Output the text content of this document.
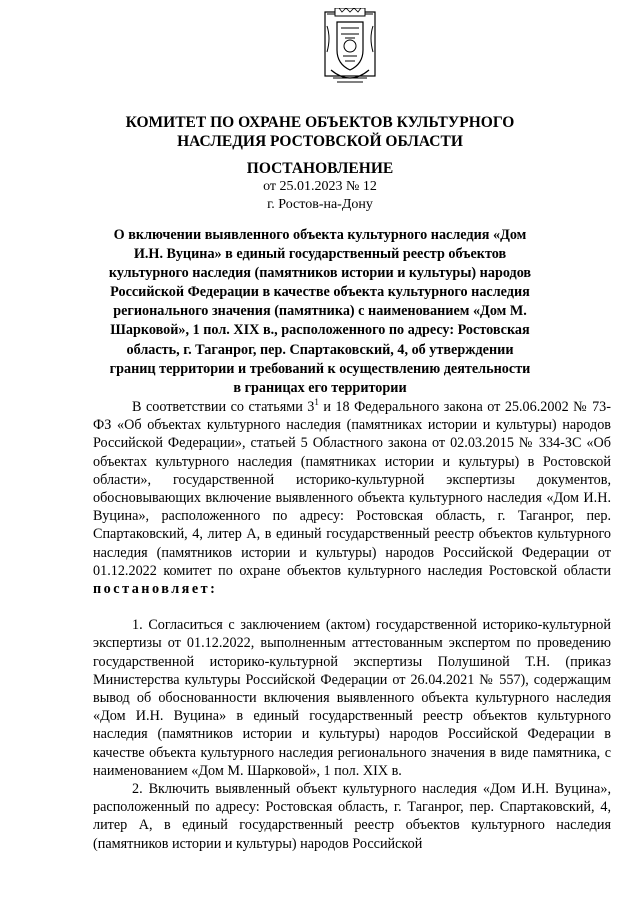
КОМИТЕТ ПО ОХРАНЕ ОБЪЕКТОВ КУЛЬТУРНОГО
НАСЛЕДИЯ РОСТОВСКОЙ ОБЛАСТИ
ПОСТАНОВЛЕНИЕ
от 25.01.2023 № 12
г. Ростов-на-Дону
О включении выявленного объекта культурного наследия «Дом И.Н. Вуцина» в единый государственный реестр объектов культурного наследия (памятников истории и культуры) народов Российской Федерации в качестве объекта культурного наследия регионального значения (памятника) с наименованием «Дом М. Шарковой», 1 пол. XIX в., расположенного по адресу: Ростовская область, г. Таганрог, пер. Спартаковский, 4, об утверждении границ территории и требований к осуществлению деятельности в границах его территории

В соответствии со статьями $3^1$ и 18 Федерального закона от 25.06.2002 № 73-ФЗ «Об объектах культурного наследия (памятниках истории и культуры) народов Российской Федерации», статьей 5 Областного закона от 02.03.2015 № 334-ЗС «Об объектах культурного наследия (памятниках истории и культуры) в Ростовской области», государственной историко-культурной экспертизы документов, обосновывающих включение выявленного объекта культурного наследия «Дом И.Н. Вуцина», расположенного по адресу: Ростовская область, г. Таганрог, пер. Спартаковский, 4, литер А, в единый государственный реестр объектов культурного наследия (памятников истории и культуры) народов Российской Федерации от 01.12.2022 комитет по охране объектов культурного наследия Ростовской области постановляет:

1. Согласиться с заключением (актом) государственной историко-культурной экспертизы от 01.12.2022, выполненным аттестованным экспертом по проведению государственной историко-культурной экспертизы Полушиной Т.Н. (приказ Министерства культуры Российской Федерации от 26.04.2021 № 557), содержащим вывод об обоснованности включения выявленного объекта культурного наследия «Дом И.Н. Вуцина» в единый государственный реестр объектов культурного наследия (памятников истории и культуры) народов Российской Федерации в качестве объекта культурного наследия регионального значения в виде памятника, с наименованием «Дом М. Шарковой», 1 пол. XIX в.

2. Включить выявленный объект культурного наследия «Дом И.Н. Вуцина», расположенный по адресу: Ростовская область, г. Таганрог, пер. Спартаковский, 4, литер А, в единый государственный реестр объектов культурного наследия (памятников истории и культуры) народов Российской
